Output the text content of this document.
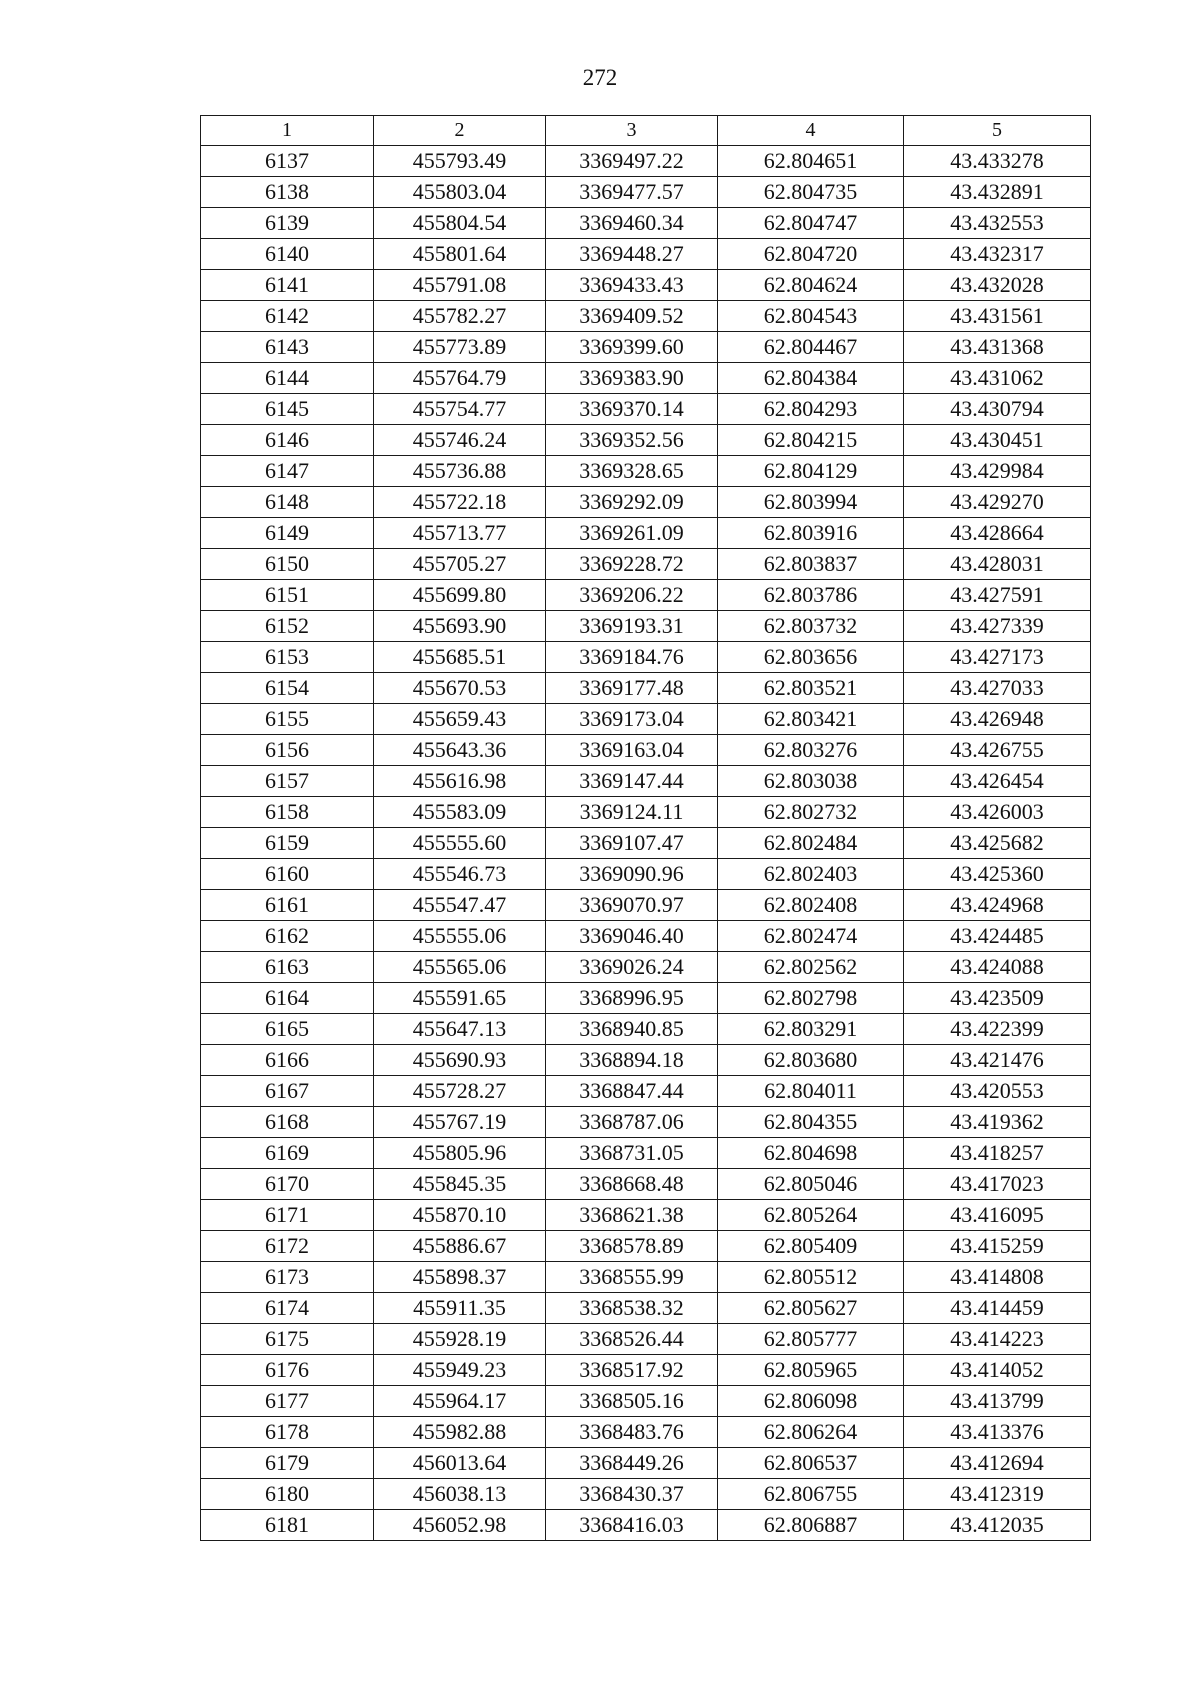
272
1	2	3	4	5
6137	455793.49	3369497.22	62.804651	43.433278
6138	455803.04	3369477.57	62.804735	43.432891
6139	455804.54	3369460.34	62.804747	43.432553
6140	455801.64	3369448.27	62.804720	43.432317
6141	455791.08	3369433.43	62.804624	43.432028
6142	455782.27	3369409.52	62.804543	43.431561
6143	455773.89	3369399.60	62.804467	43.431368
6144	455764.79	3369383.90	62.804384	43.431062
6145	455754.77	3369370.14	62.804293	43.430794
6146	455746.24	3369352.56	62.804215	43.430451
6147	455736.88	3369328.65	62.804129	43.429984
6148	455722.18	3369292.09	62.803994	43.429270
6149	455713.77	3369261.09	62.803916	43.428664
6150	455705.27	3369228.72	62.803837	43.428031
6151	455699.80	3369206.22	62.803786	43.427591
6152	455693.90	3369193.31	62.803732	43.427339
6153	455685.51	3369184.76	62.803656	43.427173
6154	455670.53	3369177.48	62.803521	43.427033
6155	455659.43	3369173.04	62.803421	43.426948
6156	455643.36	3369163.04	62.803276	43.426755
6157	455616.98	3369147.44	62.803038	43.426454
6158	455583.09	3369124.11	62.802732	43.426003
6159	455555.60	3369107.47	62.802484	43.425682
6160	455546.73	3369090.96	62.802403	43.425360
6161	455547.47	3369070.97	62.802408	43.424968
6162	455555.06	3369046.40	62.802474	43.424485
6163	455565.06	3369026.24	62.802562	43.424088
6164	455591.65	3368996.95	62.802798	43.423509
6165	455647.13	3368940.85	62.803291	43.422399
6166	455690.93	3368894.18	62.803680	43.421476
6167	455728.27	3368847.44	62.804011	43.420553
6168	455767.19	3368787.06	62.804355	43.419362
6169	455805.96	3368731.05	62.804698	43.418257
6170	455845.35	3368668.48	62.805046	43.417023
6171	455870.10	3368621.38	62.805264	43.416095
6172	455886.67	3368578.89	62.805409	43.415259
6173	455898.37	3368555.99	62.805512	43.414808
6174	455911.35	3368538.32	62.805627	43.414459
6175	455928.19	3368526.44	62.805777	43.414223
6176	455949.23	3368517.92	62.805965	43.414052
6177	455964.17	3368505.16	62.806098	43.413799
6178	455982.88	3368483.76	62.806264	43.413376
6179	456013.64	3368449.26	62.806537	43.412694
6180	456038.13	3368430.37	62.806755	43.412319
6181	456052.98	3368416.03	62.806887	43.412035
